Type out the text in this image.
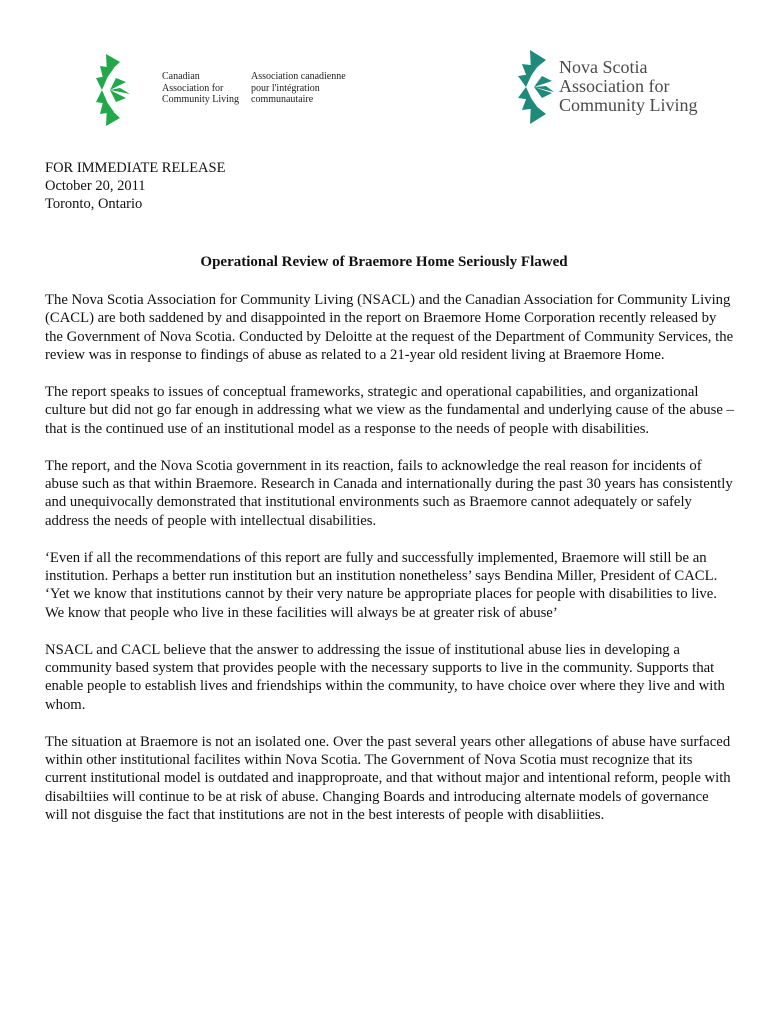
Canadian
Association for
Community Living
Association canadienne
pour l'intégration
communautaire
Nova Scotia
Association for
Community Living
FOR IMMEDIATE RELEASE
October 20, 2011
Toronto, Ontario
Operational Review of Braemore Home Seriously Flawed

The Nova Scotia Association for Community Living (NSACL) and the Canadian Association for Community Living (CACL) are both saddened by and disappointed in the report on Braemore Home Corporation recently released by the Government of Nova Scotia. Conducted by Deloitte at the request of the Department of Community Services, the review was in response to findings of abuse as related to a 21-year old resident living at Braemore Home.

The report speaks to issues of conceptual frameworks, strategic and operational capabilities, and organizational culture but did not go far enough in addressing what we view as the fundamental and underlying cause of the abuse – that is the continued use of an institutional model as a response to the needs of people with disabilities.

The report, and the Nova Scotia government in its reaction, fails to acknowledge the real reason for incidents of abuse such as that within Braemore. Research in Canada and internationally during the past 30 years has consistently and unequivocally demonstrated that institutional environments such as Braemore cannot adequately or safely address the needs of people with intellectual disabilities.

‘Even if all the recommendations of this report are fully and successfully implemented, Braemore will still be an institution. Perhaps a better run institution but an institution nonetheless’ says Bendina Miller, President of CACL. ‘Yet we know that institutions cannot by their very nature be appropriate places for people with disabilities to live. We know that people who live in these facilities will always be at greater risk of abuse’

NSACL and CACL believe that the answer to addressing the issue of institutional abuse lies in developing a community based system that provides people with the necessary supports to live in the community. Supports that enable people to establish lives and friendships within the community, to have choice over where they live and with whom.

The situation at Braemore is not an isolated one. Over the past several years other allegations of abuse have surfaced within other institutional facilites within Nova Scotia. The Government of Nova Scotia must recognize that its current institutional model is outdated and inapproproate, and that without major and intentional reform, people with disabiltiies will continue to be at risk of abuse. Changing Boards and introducing alternate models of governance will not disguise the fact that institutions are not in the best interests of people with disabliities.
